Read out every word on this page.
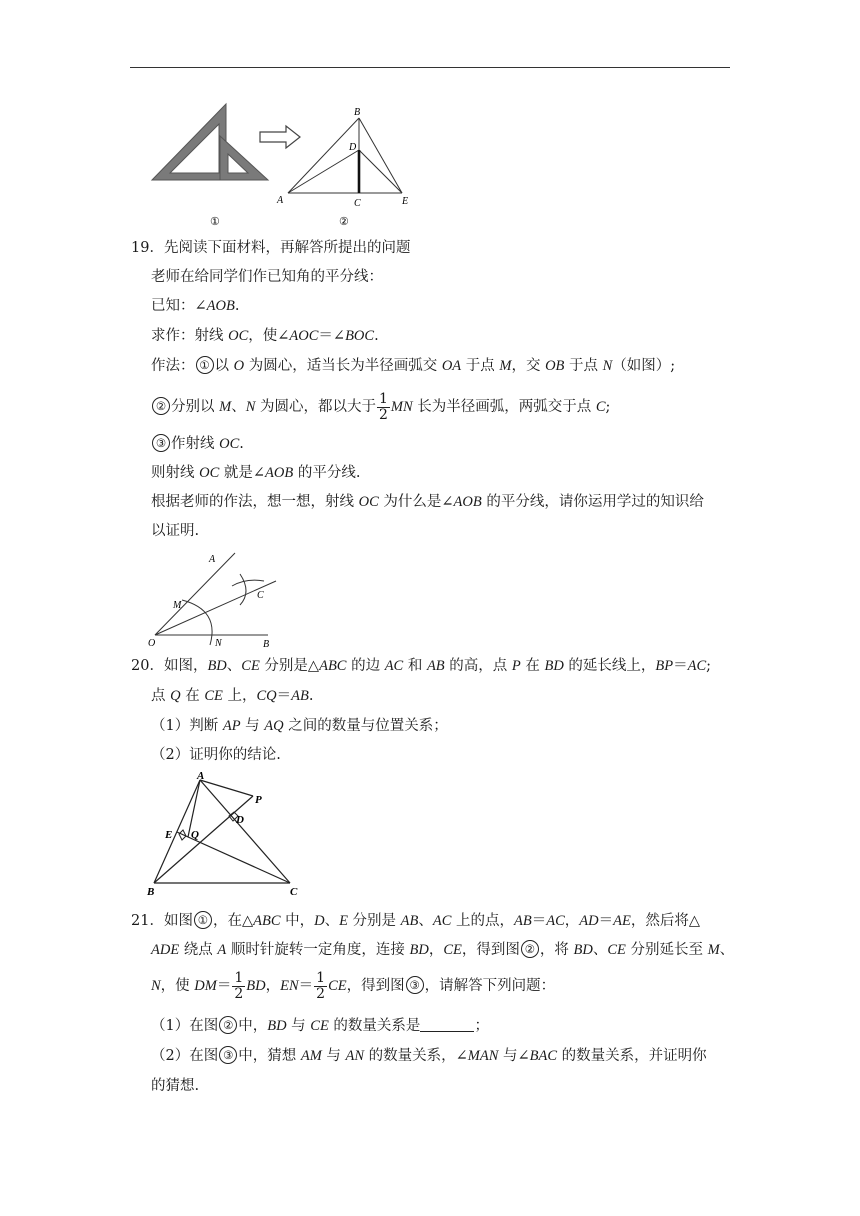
B
D
A	C	E
①	②
19．先阅读下面材料，再解答所提出的问题
老师在给同学们作已知角的平分线：
已知：∠AOB.
求作：射线 OC，使∠AOC＝∠BOC.
作法： ① 以 O 为圆心，适当长为半径画弧交 OA 于点 M，交 OB 于点 N（如图）;
② 分别以 M、N 为圆心，都以大于 $\frac{1}{2}$ MN 长为半径画弧，两弧交于点 C;
③ 作射线 OC.
则射线 OC 就是∠AOB 的平分线.
根据老师的作法，想一想，射线 OC 为什么是∠AOB 的平分线，请你运用学过的知识给
以证明.
A
M
C
O	N	B
20．如图，BD、CE 分别是△ABC 的边 AC 和 AB 的高，点 P 在 BD 的延长线上，BP＝AC;
点 Q 在 CE 上，CQ＝AB.
（1）判断 AP 与 AQ 之间的数量与位置关系；
（2）证明你的结论.
A
P
D
E Q
B	C
21．如图 ① ，在△ABC 中，D、E 分别是 AB、AC 上的点，AB＝AC，AD＝AE，然后将△
ADE 绕点 A 顺时针旋转一定角度，连接 BD，CE，得到图 ② ，将 BD、CE 分别延长至 M、
N，使 $DM= \frac{1}{2}$ BD，$EN= \frac{1}{2}$ CE，得到图 ③ ，请解答下列问题：
（1）在图 ② 中，BD 与 CE 的数量关系是	；
（2）在图 ③ 中，猜想 AM 与 AN 的数量关系，∠MAN 与∠BAC 的数量关系，并证明你
的猜想.
